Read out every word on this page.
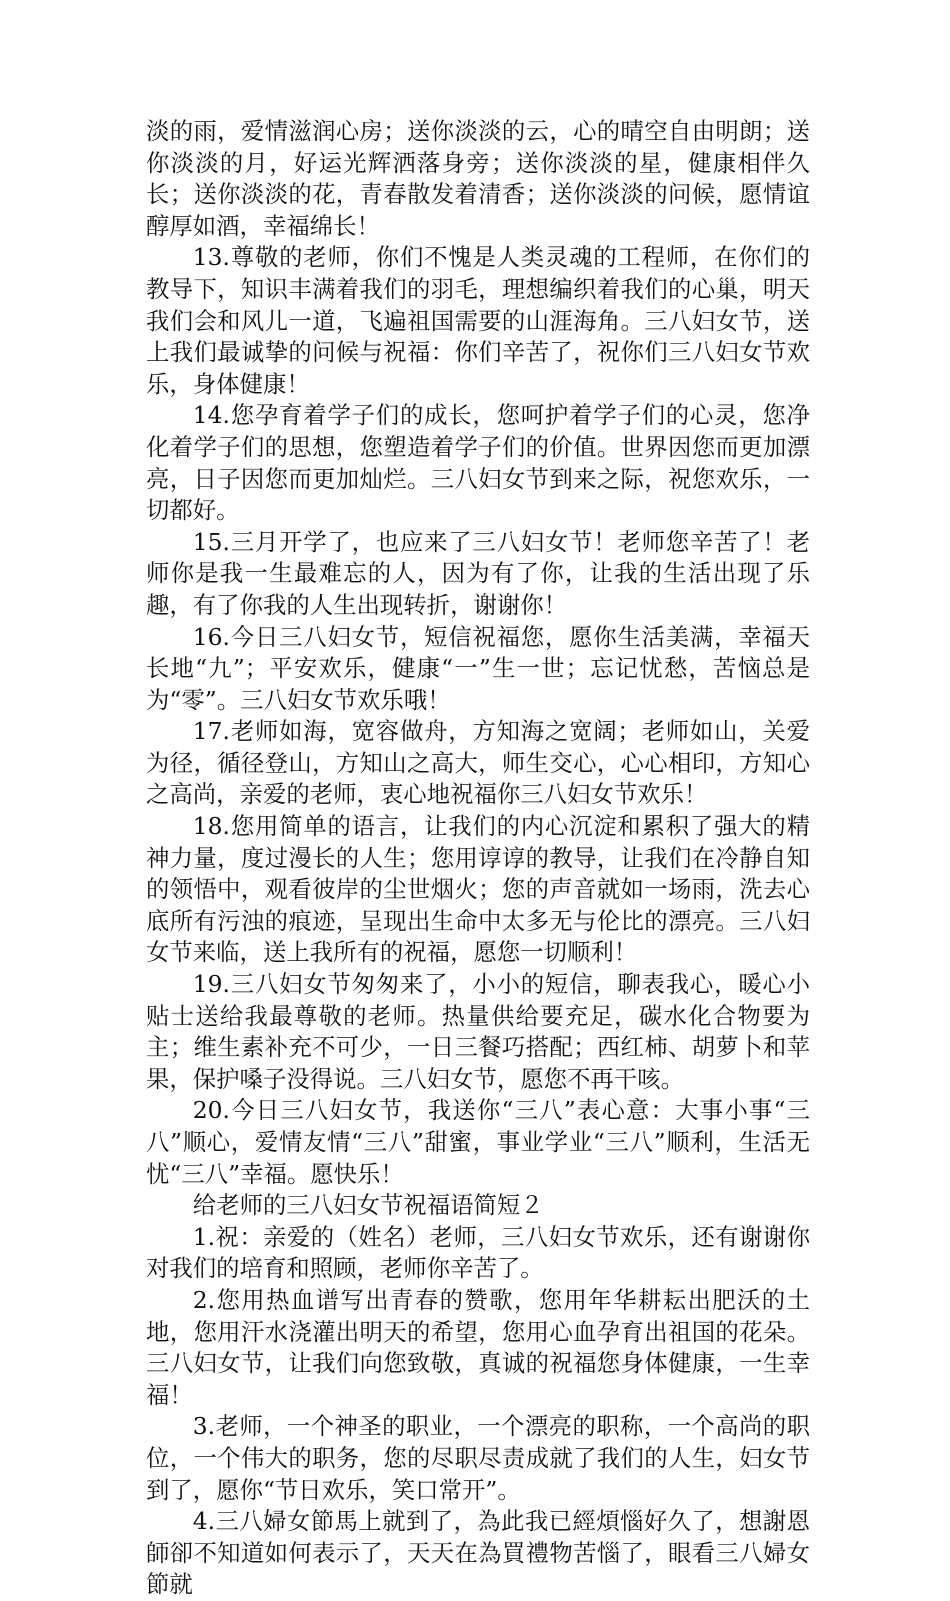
淡的雨，爱情滋润心房；送你淡淡的云，心的晴空自由明朗；送你淡淡的月，好运光辉洒落身旁；送你淡淡的星，健康相伴久长；送你淡淡的花，青春散发着清香；送你淡淡的问候，愿情谊醇厚如酒，幸福绵长！

13.尊敬的老师，你们不愧是人类灵魂的工程师，在你们的教导下，知识丰满着我们的羽毛，理想编织着我们的心巢，明天我们会和风儿一道，飞遍祖国需要的山涯海角。三八妇女节，送上我们最诚挚的问候与祝福：你们辛苦了，祝你们三八妇女节欢乐，身体健康！

14.您孕育着学子们的成长，您呵护着学子们的心灵，您净化着学子们的思想，您塑造着学子们的价值。世界因您而更加漂亮，日子因您而更加灿烂。三八妇女节到来之际，祝您欢乐，一切都好。

15.三月开学了，也应来了三八妇女节！老师您辛苦了！老师你是我一生最难忘的人，因为有了你，让我的生活出现了乐趣，有了你我的人生出现转折，谢谢你！

16.今日三八妇女节，短信祝福您，愿你生活美满，幸福天长地“九”；平安欢乐，健康“一”生一世；忘记忧愁，苦恼总是为“零”。三八妇女节欢乐哦！

17.老师如海，宽容做舟，方知海之宽阔；老师如山，关爱为径，循径登山，方知山之高大，师生交心，心心相印，方知心之高尚，亲爱的老师，衷心地祝福你三八妇女节欢乐！

18.您用简单的语言，让我们的内心沉淀和累积了强大的精神力量，度过漫长的人生；您用谆谆的教导，让我们在冷静自知的领悟中，观看彼岸的尘世烟火；您的声音就如一场雨，洗去心底所有污浊的痕迹，呈现出生命中太多无与伦比的漂亮。三八妇女节来临，送上我所有的祝福，愿您一切顺利！

19.三八妇女节匆匆来了，小小的短信，聊表我心，暖心小贴士送给我最尊敬的老师。热量供给要充足，碳水化合物要为主；维生素补充不可少，一日三餐巧搭配；西红柿、胡萝卜和苹果，保护嗓子没得说。三八妇女节，愿您不再干咳。

20.今日三八妇女节，我送你“三八”表心意：大事小事“三八”顺心，爱情友情“三八”甜蜜，事业学业“三八”顺利，生活无忧“三八”幸福。愿快乐！

给老师的三八妇女节祝福语简短２

1.祝：亲爱的（姓名）老师，三八妇女节欢乐，还有谢谢你对我们的培育和照顾，老师你辛苦了。

2.您用热血谱写出青春的赞歌，您用年华耕耘出肥沃的土地，您用汗水浇灌出明天的希望，您用心血孕育出祖国的花朵。三八妇女节，让我们向您致敬，真诚的祝福您身体健康，一生幸福！

3.老师，一个神圣的职业，一个漂亮的职称，一个高尚的职位，一个伟大的职务，您的尽职尽责成就了我们的人生，妇女节到了，愿你“节日欢乐，笑口常开”。

4.三八婦女節馬上就到了，為此我已經煩惱好久了，想謝恩師卻不知道如何表示了，天天在為買禮物苦惱了，眼看三八婦女節就
